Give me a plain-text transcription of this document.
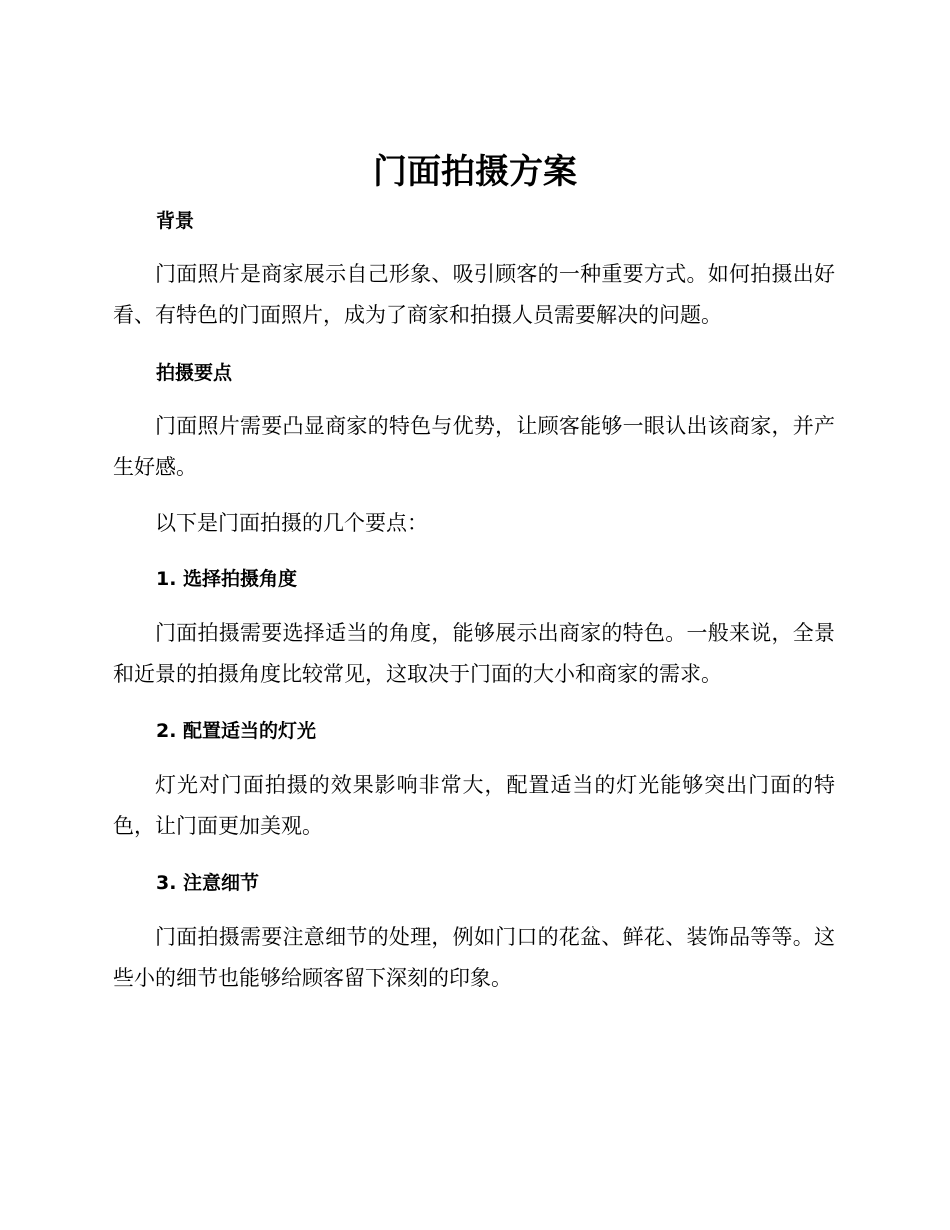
门面拍摄方案
背景

门面照片是商家展示自己形象、吸引顾客的一种重要方式。如何拍摄出好看、有特色的门面照片，成为了商家和拍摄人员需要解决的问题。

拍摄要点

门面照片需要凸显商家的特色与优势，让顾客能够一眼认出该商家，并产生好感。

以下是门面拍摄的几个要点：

1. 选择拍摄角度

门面拍摄需要选择适当的角度，能够展示出商家的特色。一般来说，全景和近景的拍摄角度比较常见，这取决于门面的大小和商家的需求。

2. 配置适当的灯光

灯光对门面拍摄的效果影响非常大，配置适当的灯光能够突出门面的特色，让门面更加美观。

3. 注意细节

门面拍摄需要注意细节的处理，例如门口的花盆、鲜花、装饰品等等。这些小的细节也能够给顾客留下深刻的印象。
